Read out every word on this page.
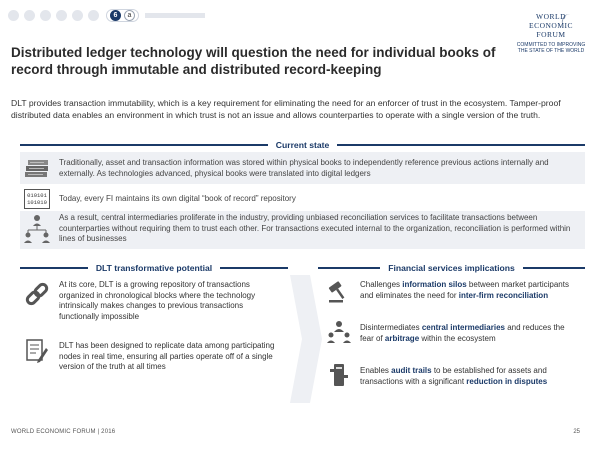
6	a	WORLD
ECONOMIC
FORUM
COMMITTED TO IMPROVING THE STATE OF THE WORLD
Distributed ledger technology will question the need for individual books of record through immutable and distributed record-keeping
DLT provides transaction immutability, which is a key requirement for eliminating the need for an enforcer of trust in the ecosystem. Tamper-proof distributed data enables an environment in which trust is not an issue and allows counterparties to operate with a single version of the truth.
Current state
Traditionally, asset and transaction information was stored within physical books to independently reference previous actions internally and externally. As technologies advanced, physical books were translated into digital ledgers
010101
101010 Today, every FI maintains its own digital “book of record” repository
As a result, central intermediaries proliferate in the industry, providing unbiased reconciliation services to facilitate transactions between counterparties without requiring them to trust each other. For transactions executed internal to the organization, reconciliation is performed within lines of businesses
DLT transformative potential	Financial services implications
At its core, DLT is a growing repository of transactions organized in chronological blocks where the technology intrinsically makes changes to previous transactions functionally impossible
DLT has been designed to replicate data among participating nodes in real time, ensuring all parties operate off of a single version of the truth at all times
Challenges information silos between market participants and eliminates the need for inter-firm reconciliation
Disintermediates central intermediaries and reduces the fear of arbitrage within the ecosystem
Enables audit trails to be established for assets and transactions with a significant reduction in disputes
WORLD ECONOMIC FORUM | 2016	25
